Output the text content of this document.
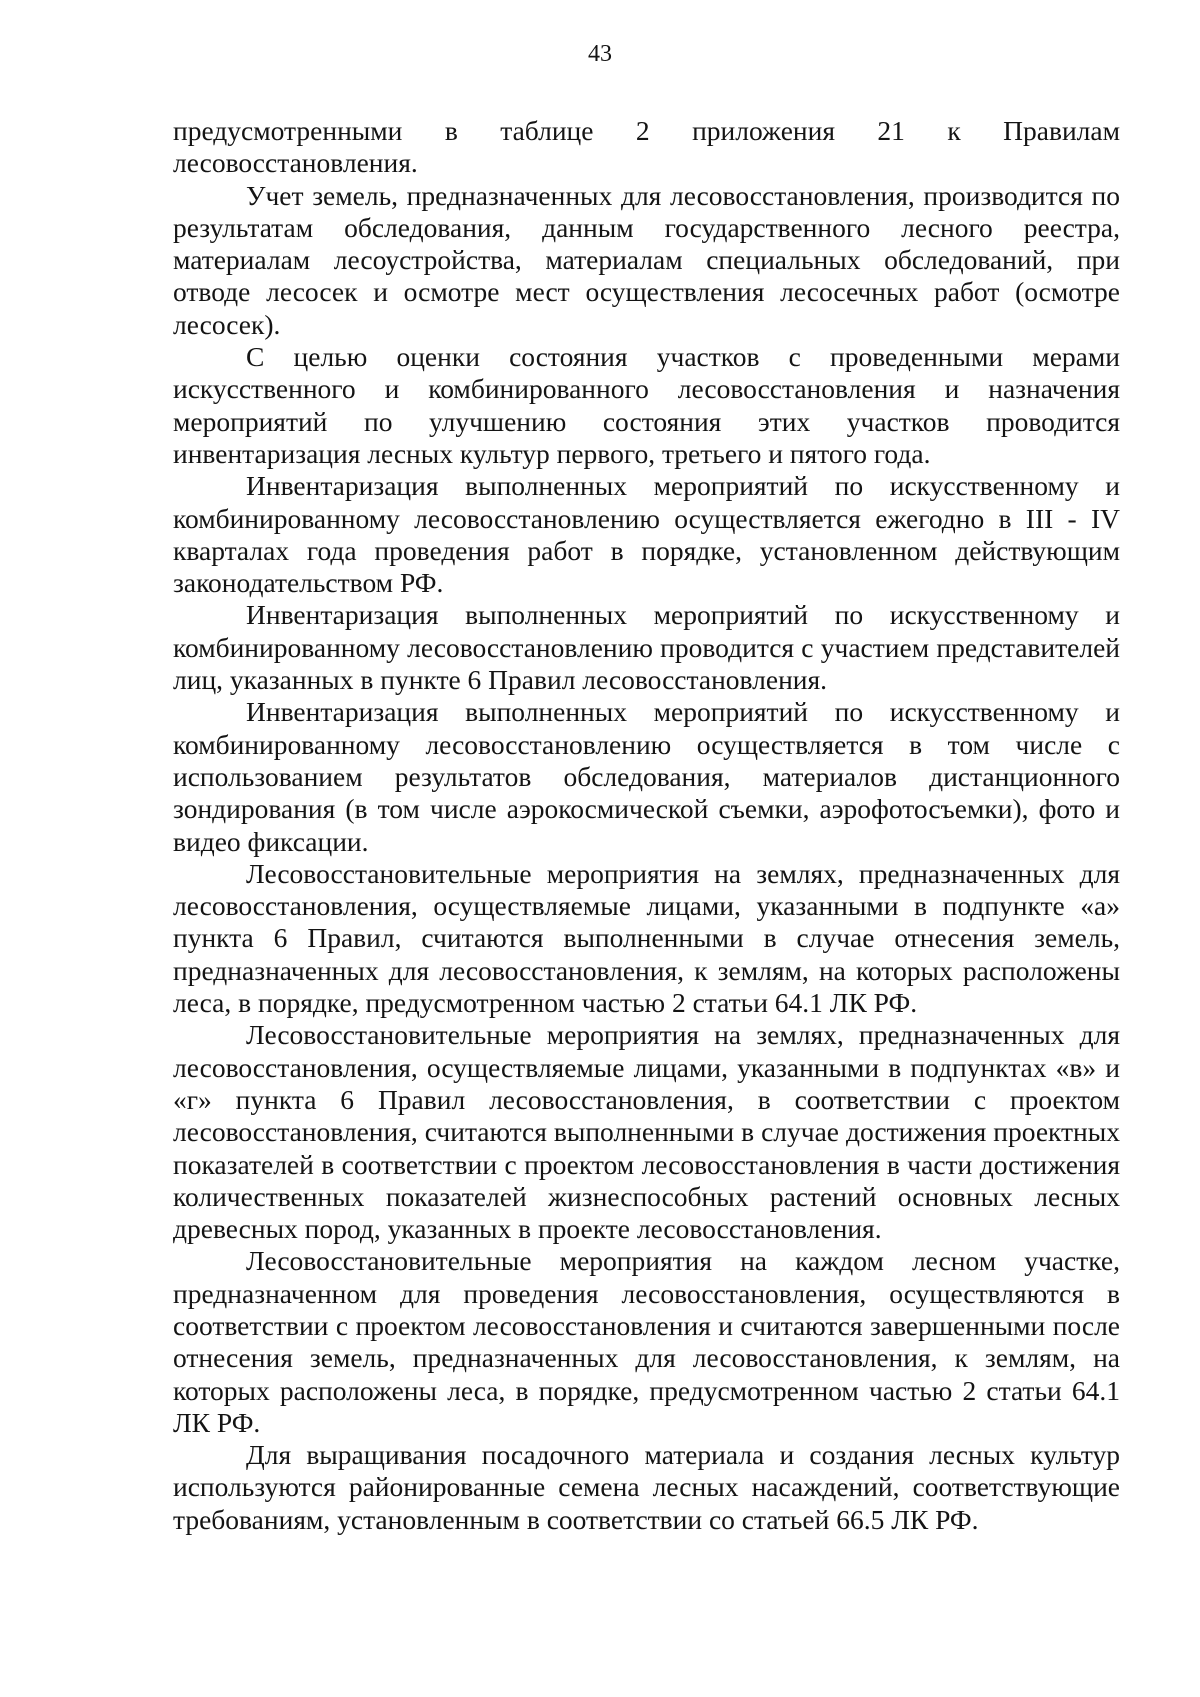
43

предусмотренными в таблице 2 приложения 21 к Правилам лесовосстановления.

Учет земель, предназначенных для лесовосстановления, производится по результатам обследования, данным государственного лесного реестра, материалам лесоустройства, материалам специальных обследований, при отводе лесосек и осмотре мест осуществления лесосечных работ (осмотре лесосек).

С целью оценки состояния участков с проведенными мерами искусственного и комбинированного лесовосстановления и назначения мероприятий по улучшению состояния этих участков проводится инвентаризация лесных культур первого, третьего и пятого года.

Инвентаризация выполненных мероприятий по искусственному и комбинированному лесовосстановлению осуществляется ежегодно в III - IV кварталах года проведения работ в порядке, установленном действующим законодательством РФ.

Инвентаризация выполненных мероприятий по искусственному и комбинированному лесовосстановлению проводится с участием представителей лиц, указанных в пункте 6 Правил лесовосстановления.

Инвентаризация выполненных мероприятий по искусственному и комбинированному лесовосстановлению осуществляется в том числе с использованием результатов обследования, материалов дистанционного зондирования (в том числе аэрокосмической съемки, аэрофотосъемки), фото и видео фиксации.

Лесовосстановительные мероприятия на землях, предназначенных для лесовосстановления, осуществляемые лицами, указанными в подпункте «а» пункта 6 Правил, считаются выполненными в случае отнесения земель, предназначенных для лесовосстановления, к землям, на которых расположены леса, в порядке, предусмотренном частью 2 статьи 64.1 ЛК РФ.

Лесовосстановительные мероприятия на землях, предназначенных для лесовосстановления, осуществляемые лицами, указанными в подпунктах «в» и «г» пункта 6 Правил лесовосстановления, в соответствии с проектом лесовосстановления, считаются выполненными в случае достижения проектных показателей в соответствии с проектом лесовосстановления в части достижения количественных показателей жизнеспособных растений основных лесных древесных пород, указанных в проекте лесовосстановления.

Лесовосстановительные мероприятия на каждом лесном участке, предназначенном для проведения лесовосстановления, осуществляются в соответствии с проектом лесовосстановления и считаются завершенными после отнесения земель, предназначенных для лесовосстановления, к землям, на которых расположены леса, в порядке, предусмотренном частью 2 статьи 64.1 ЛК РФ.

Для выращивания посадочного материала и создания лесных культур используются районированные семена лесных насаждений, соответствующие требованиям, установленным в соответствии со статьей 66.5 ЛК РФ.
